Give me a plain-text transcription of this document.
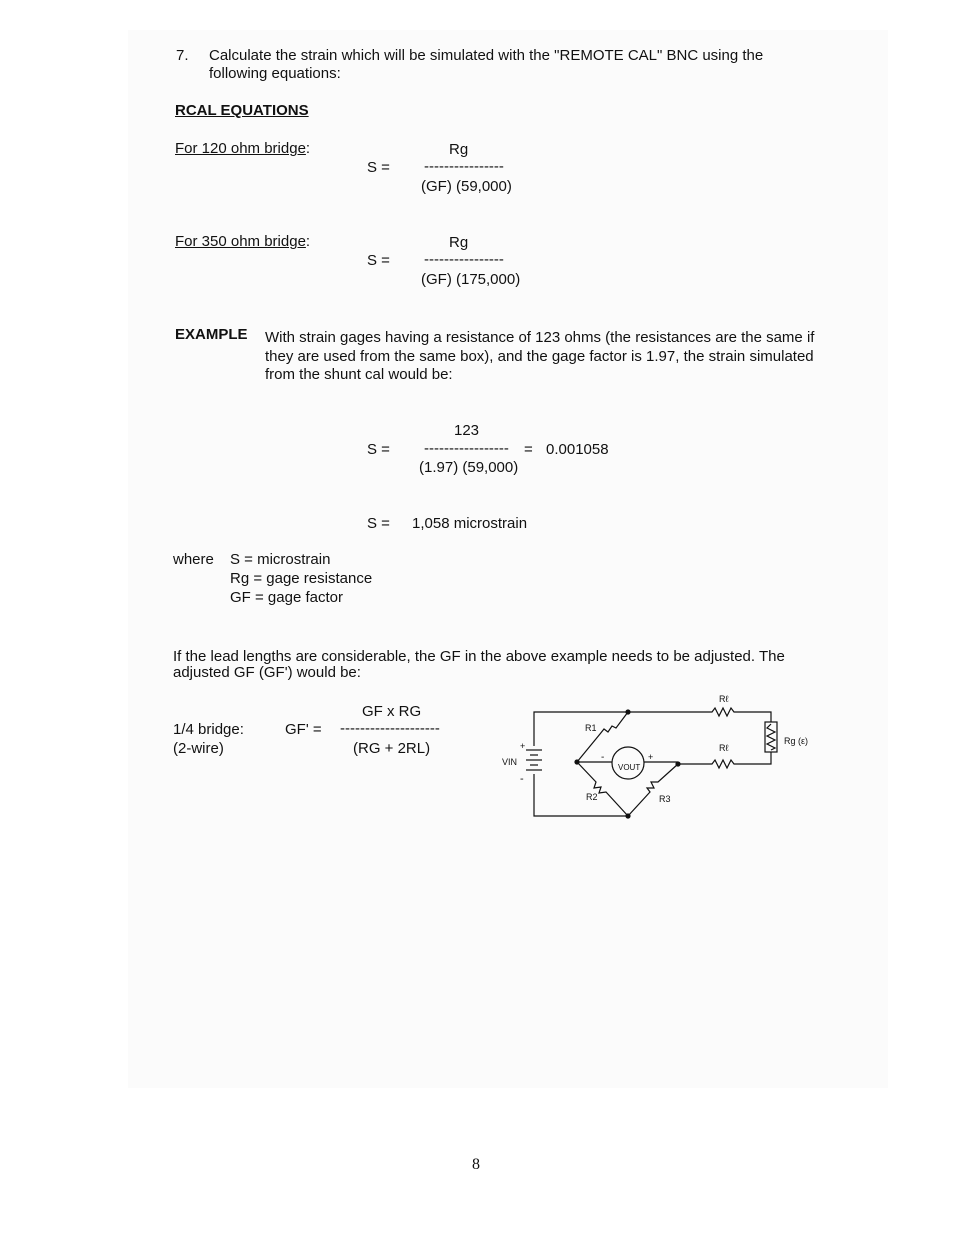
7. Calculate the strain which will be simulated with the "REMOTE CAL" BNC using the
following equations:
RCAL EQUATIONS
For 120 ohm bridge:	Rg
S = ----------------
(GF) (59,000)
For 350 ohm bridge:	Rg
S = ----------------
(GF) (175,000)
EXAMPLE With strain gages having a resistance of 123 ohms (the resistances are the same if
they are used from the same box), and the gage factor is 1.97, the strain simulated
from the shunt cal would be:
123
S = ----------------- = 0.001058
(1.97) (59,000)
S = 1,058 microstrain
where S = microstrain
Rg = gage resistance
GF = gage factor
If the lead lengths are considerable, the GF in the above example needs to be adjusted. The
adjusted GF (GF') would be:
GF x RG
1/4 bridge:	GF' = --------------------
(2-wire)	(RG + 2RL)
Rℓ
Rℓ
R1
R2	R3
Rg (ε)
VIN
VOUT
+
-
-	+
8
